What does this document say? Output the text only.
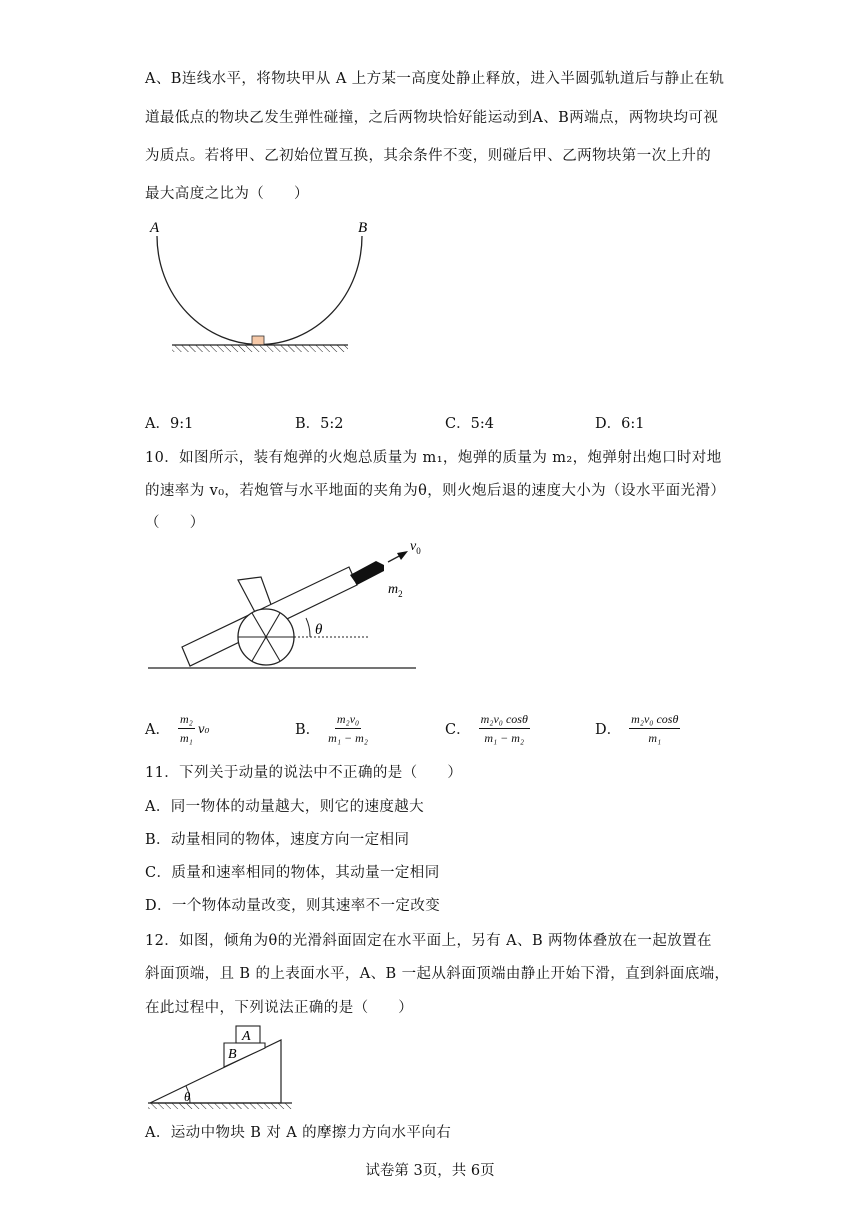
A、B连线水平，将物块甲从 A 上方某一高度处静止释放，进入半圆弧轨道后与静止在轨
道最低点的物块乙发生弹性碰撞，之后两物块恰好能运动到A、B两端点，两物块均可视
为质点。若将甲、乙初始位置互换，其余条件不变，则碰后甲、乙两物块第一次上升的
最大高度之比为（　　）
A	B
A．9:1	B．5:2	C．5:4	D．6:1
10．如图所示，装有炮弹的火炮总质量为 m₁，炮弹的质量为 m₂，炮弹射出炮口时对地
的速率为 v₀，若炮管与水平地面的夹角为θ，则火炮后退的速度大小为（设水平面光滑）
（　　）
θ
$v_0$
$m_2$
A． $\frac{\text{m₂}}{\text{m₁}} v_0$	B． $\frac{\text{m₂v₀}}{\text{m₁ − m₂}}$	C． $\frac{\text{m₂v₀ cosθ}}{\text{m₁ − m₂}}$	D． $\frac{\text{m₂v₀ cosθ}}{\text{m₁}}$
11．下列关于动量的说法中不正确的是（　　）
A．同一物体的动量越大，则它的速度越大
B．动量相同的物体，速度方向一定相同
C．质量和速率相同的物体，其动量一定相同
D．一个物体动量改变，则其速率不一定改变
12．如图，倾角为θ的光滑斜面固定在水平面上，另有 A、B 两物体叠放在一起放置在
斜面顶端，且 B 的上表面水平，A、B 一起从斜面顶端由静止开始下滑，直到斜面底端，
在此过程中，下列说法正确的是（　　）
A
B
θ
A．运动中物块 B 对 A 的摩擦力方向水平向右
试卷第 3页，共 6页
